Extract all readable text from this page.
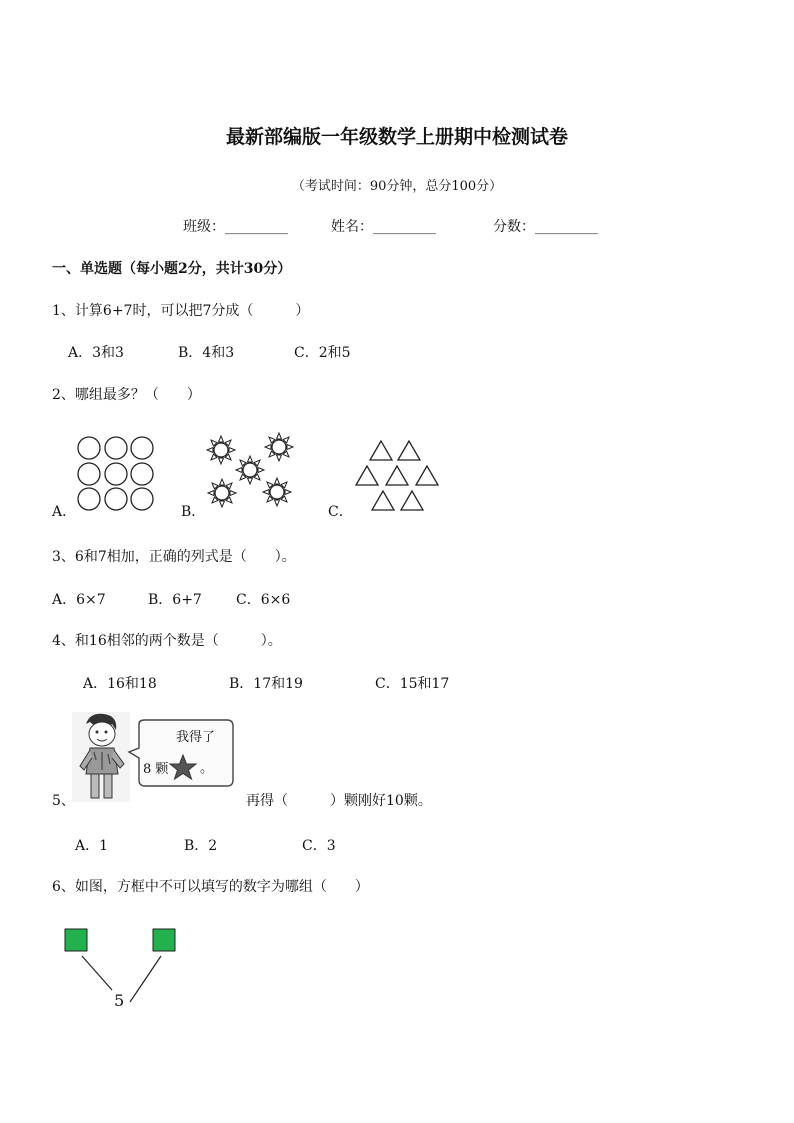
最新部编版一年级数学上册期中检测试卷
（考试时间：90分钟，总分100分）
班级：_________	姓名：_________	分数：_________
一、单选题（每小题2分，共计30分）
1、计算6+7时，可以把7分成（　　　）
A．3和3	B．4和3	C．2和5
2、哪组最多？（　　）
A．	B．	C．
3、6和7相加，正确的列式是（　　）。
A．6×7	B．6+7 C．6×6
4、和16相邻的两个数是（　　　）。
A．16和18	B．17和19	C．15和17
我得了
8 颗 。
5、	再得（　　　）颗刚好10颗。
A．1	B．2	C．3
6、如图，方框中不可以填写的数字为哪组（　　）
5
